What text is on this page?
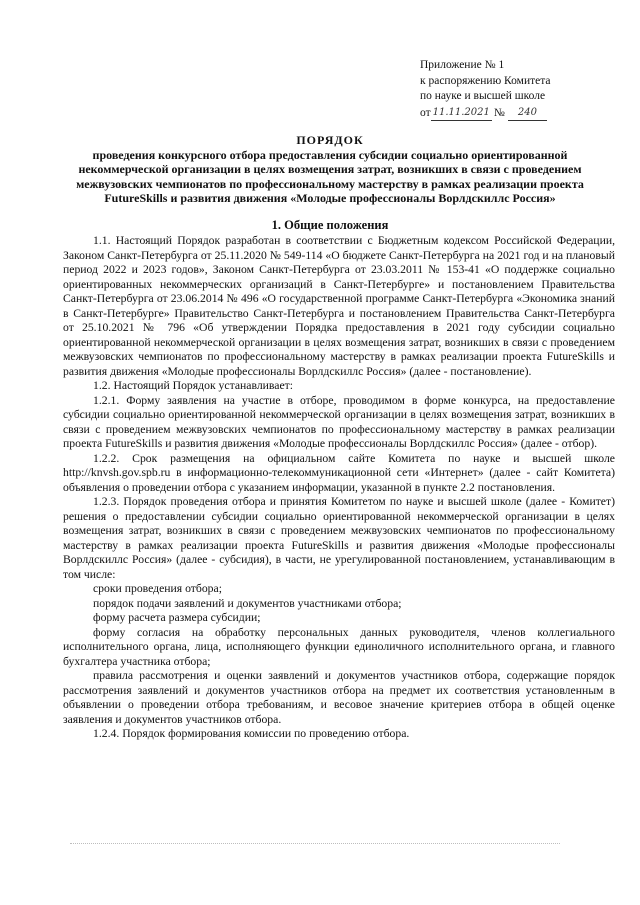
Приложение № 1
к распоряжению Комитета
по науке и высшей школе
от 11.11.2021 №	240
ПОРЯДОК
проведения конкурсного отбора предоставления субсидии социально ориентированной некоммерческой организации в целях возмещения затрат, возникших в связи с проведением межвузовских чемпионатов по профессиональному мастерству в рамках реализации проекта FutureSkills и развития движения «Молодые профессионалы Ворлдскиллс Россия»
1. Общие положения

1.1. Настоящий Порядок разработан в соответствии с Бюджетным кодексом Российской Федерации, Законом Санкт-Петербурга от 25.11.2020 № 549-114 «О бюджете Санкт-Петербурга на 2021 год и на плановый период 2022 и 2023 годов», Законом Санкт-Петербурга от 23.03.2011 № 153-41 «О поддержке социально ориентированных некоммерческих организаций в Санкт-Петербурге» и постановлением Правительства Санкт-Петербурга от 23.06.2014 № 496 «О государственной программе Санкт-Петербурга «Экономика знаний в Санкт-Петербурге» Правительство Санкт-Петербурга и постановлением Правительства Санкт-Петербурга от 25.10.2021 № 796 «Об утверждении Порядка предоставления в 2021 году субсидии социально ориентированной некоммерческой организации в целях возмещения затрат, возникших в связи с проведением межвузовских чемпионатов по профессиональному мастерству в рамках реализации проекта FutureSkills и развития движения «Молодые профессионалы Ворлдскиллс Россия» (далее - постановление).

1.2. Настоящий Порядок устанавливает:

1.2.1. Форму заявления на участие в отборе, проводимом в форме конкурса, на предоставление субсидии социально ориентированной некоммерческой организации в целях возмещения затрат, возникших в связи с проведением межвузовских чемпионатов по профессиональному мастерству в рамках реализации проекта FutureSkills и развития движения «Молодые профессионалы Ворлдскиллс Россия» (далее - отбор).

1.2.2. Срок размещения на официальном сайте Комитета по науке и высшей школе http://knvsh.gov.spb.ru в информационно-телекоммуникационной сети «Интернет» (далее - сайт Комитета) объявления о проведении отбора с указанием информации, указанной в пункте 2.2 постановления.

1.2.3. Порядок проведения отбора и принятия Комитетом по науке и высшей школе (далее - Комитет) решения о предоставлении субсидии социально ориентированной некоммерческой организации в целях возмещения затрат, возникших в связи с проведением межвузовских чемпионатов по профессиональному мастерству в рамках реализации проекта FutureSkills и развития движения «Молодые профессионалы Ворлдскиллс Россия» (далее - субсидия), в части, не урегулированной постановлением, устанавливающим в том числе:

сроки проведения отбора;
порядок подачи заявлений и документов участниками отбора;
форму расчета размера субсидии;
форму согласия на обработку персональных данных руководителя, членов коллегиального исполнительного органа, лица, исполняющего функции единоличного исполнительного органа, и главного бухгалтера участника отбора;
правила рассмотрения и оценки заявлений и документов участников отбора, содержащие порядок рассмотрения заявлений и документов участников отбора на предмет их соответствия установленным в объявлении о проведении отбора требованиям, и весовое значение критериев отбора в общей оценке заявления и документов участников отбора.

1.2.4. Порядок формирования комиссии по проведению отбора.
